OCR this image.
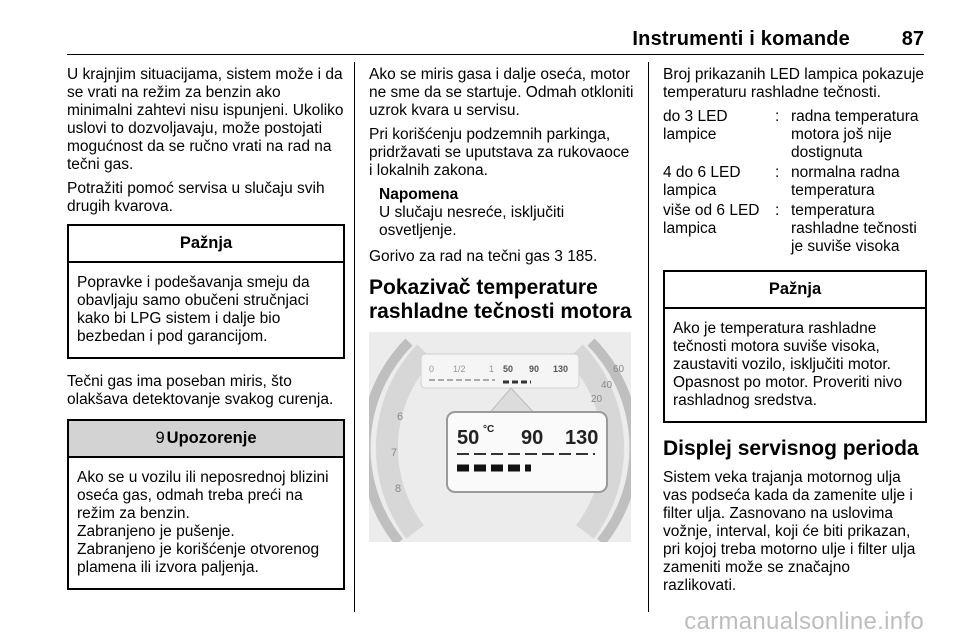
Instrumenti i komande	87

U krajnjim situacijama, sistem može i da se vrati na režim za benzin ako minimalni zahtevi nisu ispunjeni. Ukoliko uslovi to dozvoljavaju, može postojati mogućnost da se ručno vrati na rad na tečni gas.

Potražiti pomoć servisa u slučaju svih drugih kvarova.

Pažnja
Popravke i podešavanja smeju da obavljaju samo obučeni stručnjaci kako bi LPG sistem i dalje bio bezbedan i pod garancijom.

Tečni gas ima poseban miris, što olakšava detektovanje svakog curenja.

9 Upozorenje
Ako se u vozilu ili neposrednoj blizini oseća gas, odmah treba preći na režim za benzin.
Zabranjeno je pušenje.
Zabranjeno je korišćenje otvorenog plamena ili izvora paljenja.

Ako se miris gasa i dalje oseća, motor ne sme da se startuje. Odmah otkloniti uzrok kvara u servisu.

Pri korišćenju podzemnih parkinga, pridržavati se uputstava za rukovaoce i lokalnih zakona.

Napomena
U slučaju nesreće, isključiti osvetljenje.

Gorivo za rad na tečni gas 3 185.

Pokazivač temperature rashladne tečnosti motora
0 1/2	1 50 90 130
6
7
8
20
40
60
50 °C 90 130

Broj prikazanih LED lampica pokazuje temperaturu rashladne tečnosti.

do 3 LED lampice
: radna temperatura motora još nije dostignuta
4 do 6 LED lampica
: normalna radna temperatura
više od 6 LED lampica
: temperatura rashladne tečnosti je suviše visoka
Pažnja
Ako je temperatura rashladne tečnosti motora suviše visoka, zaustaviti vozilo, isključiti motor. Opasnost po motor. Proveriti nivo rashladnog sredstva.
Displej servisnog perioda

Sistem veka trajanja motornog ulja vas podseća kada da zamenite ulje i filter ulja. Zasnovano na uslovima vožnje, interval, koji će biti prikazan, pri kojoj treba motorno ulje i filter ulja zameniti može se značajno razlikovati.

carmanualsonline.info
